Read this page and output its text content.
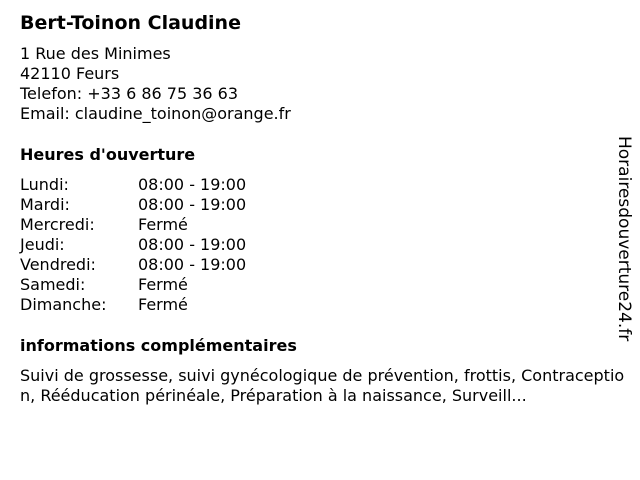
Bert-Toinon Claudine
1 Rue des Minimes
42110 Feurs
Telefon: +33 6 86 75 36 63
Email: claudine_toinon@orange.fr
Heures d'ouverture
Lundi:	08:00 - 19:00
Mardi:	08:00 - 19:00
Mercredi:	Fermé
Jeudi:	08:00 - 19:00
Vendredi:	08:00 - 19:00
Samedi:	Fermé
Dimanche:	Fermé
informations complémentaires
Suivi de grossesse, suivi gynécologique de prévention, frottis, Contraception, Rééducation périnéale, Préparation à la naissance, Surveill...
Horairesdouverture24.fr
